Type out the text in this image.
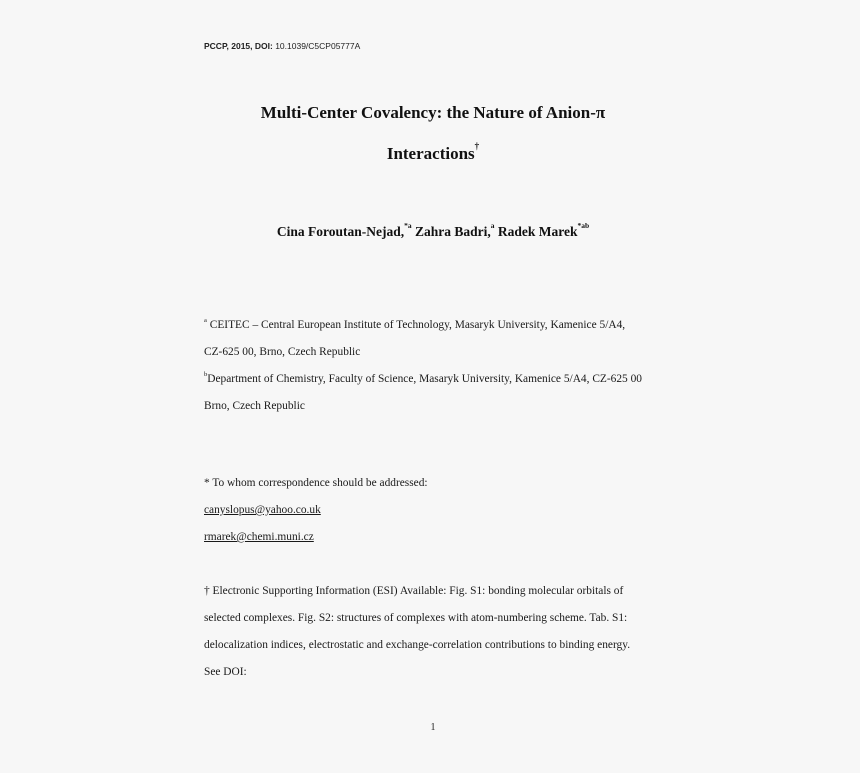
PCCP, 2015, DOI: 10.1039/C5CP05777A
Multi-Center Covalency: the Nature of Anion-π
Interactions†
Cina Foroutan-Nejad,$^{*a}$ Zahra Badri,$^a$ Radek Marek$^{*ab}$
$^a$ CEITEC – Central European Institute of Technology, Masaryk University, Kamenice 5/A4,
CZ-625 00, Brno, Czech Republic
$^b$Department of Chemistry, Faculty of Science, Masaryk University, Kamenice 5/A4, CZ-625 00
Brno, Czech Republic
* To whom correspondence should be addressed:
canyslopus@yahoo.co.uk
rmarek@chemi.muni.cz
† Electronic Supporting Information (ESI) Available: Fig. S1: bonding molecular orbitals of
selected complexes. Fig. S2: structures of complexes with atom-numbering scheme. Tab. S1:
delocalization indices, electrostatic and exchange-correlation contributions to binding energy.
See DOI:
1
